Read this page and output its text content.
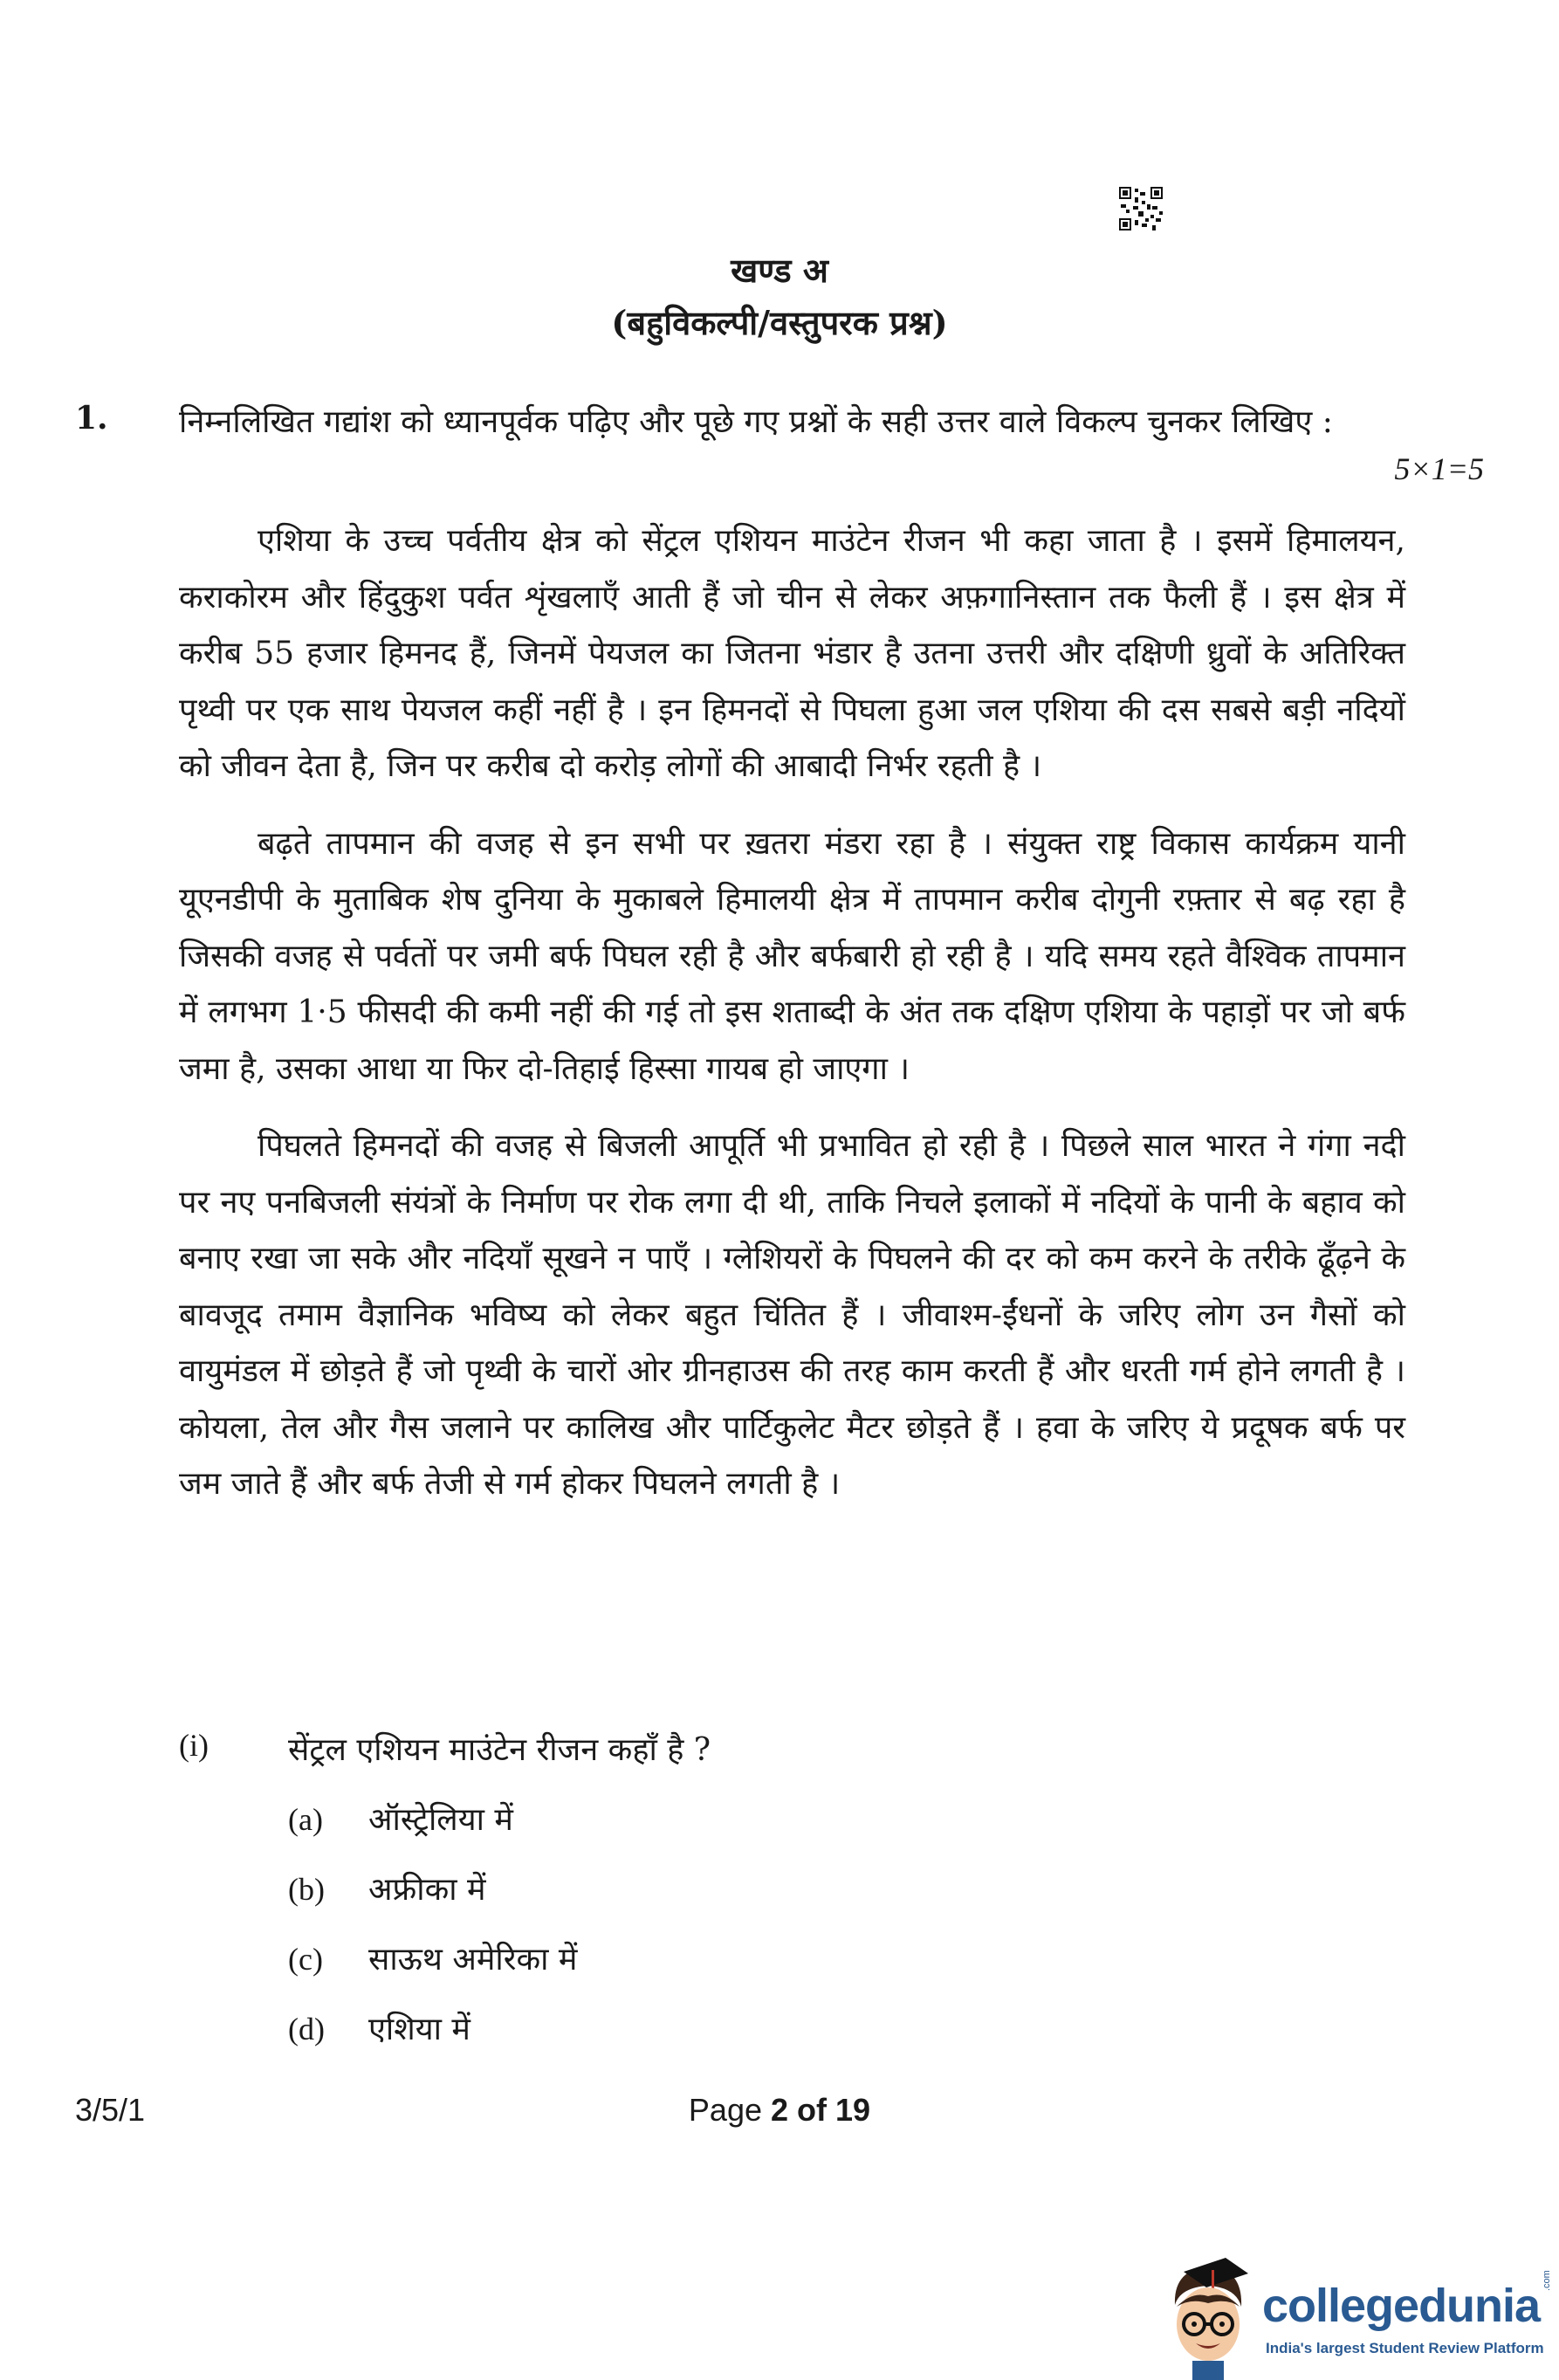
खण्ड अ
(बहुविकल्पी/वस्तुपरक प्रश्न)
1. निम्नलिखित गद्यांश को ध्यानपूर्वक पढ़िए और पूछे गए प्रश्नों के सही उत्तर वाले विकल्प चुनकर लिखिए :
5×1=5

एशिया के उच्च पर्वतीय क्षेत्र को सेंट्रल एशियन माउंटेन रीजन भी कहा जाता है । इसमें हिमालयन, कराकोरम और हिंदुकुश पर्वत शृंखलाएँ आती हैं जो चीन से लेकर अफ़गानिस्तान तक फैली हैं । इस क्षेत्र में करीब 55 हजार हिमनद हैं, जिनमें पेयजल का जितना भंडार है उतना उत्तरी और दक्षिणी ध्रुवों के अतिरिक्त पृथ्वी पर एक साथ पेयजल कहीं नहीं है । इन हिमनदों से पिघला हुआ जल एशिया की दस सबसे बड़ी नदियों को जीवन देता है, जिन पर करीब दो करोड़ लोगों की आबादी निर्भर रहती है ।

बढ़ते तापमान की वजह से इन सभी पर ख़तरा मंडरा रहा है । संयुक्त राष्ट्र विकास कार्यक्रम यानी यूएनडीपी के मुताबिक शेष दुनिया के मुकाबले हिमालयी क्षेत्र में तापमान करीब दोगुनी रफ़्तार से बढ़ रहा है जिसकी वजह से पर्वतों पर जमी बर्फ पिघल रही है और बर्फबारी हो रही है । यदि समय रहते वैश्विक तापमान में लगभग 1·5 फीसदी की कमी नहीं की गई तो इस शताब्दी के अंत तक दक्षिण एशिया के पहाड़ों पर जो बर्फ जमा है, उसका आधा या फिर दो-तिहाई हिस्सा गायब हो जाएगा ।

पिघलते हिमनदों की वजह से बिजली आपूर्ति भी प्रभावित हो रही है । पिछले साल भारत ने गंगा नदी पर नए पनबिजली संयंत्रों के निर्माण पर रोक लगा दी थी, ताकि निचले इलाकों में नदियों के पानी के बहाव को बनाए रखा जा सके और नदियाँ सूखने न पाएँ । ग्लेशियरों के पिघलने की दर को कम करने के तरीके ढूँढ़ने के बावजूद तमाम वैज्ञानिक भविष्य को लेकर बहुत चिंतित हैं । जीवाश्म-ईंधनों के जरिए लोग उन गैसों को वायुमंडल में छोड़ते हैं जो पृथ्वी के चारों ओर ग्रीनहाउस की तरह काम करती हैं और धरती गर्म होने लगती है । कोयला, तेल और गैस जलाने पर कालिख और पार्टिकुलेट मैटर छोड़ते हैं । हवा के जरिए ये प्रदूषक बर्फ पर जम जाते हैं और बर्फ तेजी से गर्म होकर पिघलने लगती है ।

(i)	सेंट्रल एशियन माउंटेन रीजन कहाँ है ?
(a) ऑस्ट्रेलिया में
(b) अफ्रीका में
(c) साऊथ अमेरिका में
(d) एशिया में
3/5/1	Page 2 of 19
collegedunia .com
India's largest Student Review Platform
